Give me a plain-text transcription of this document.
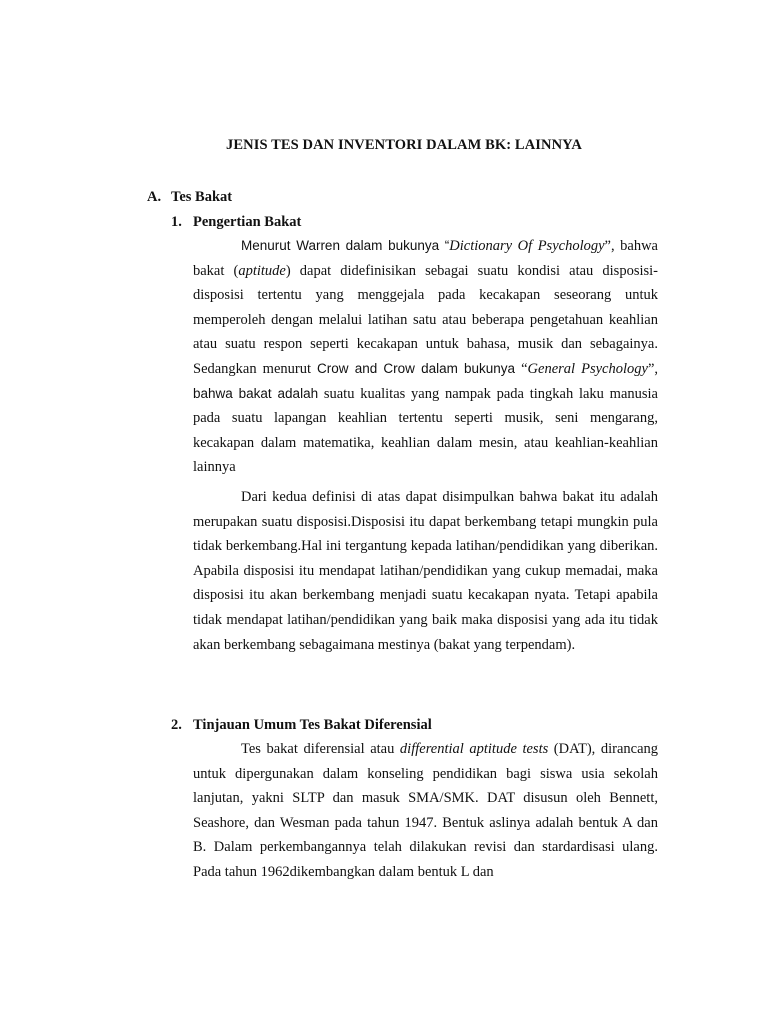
JENIS TES DAN INVENTORI DALAM BK: LAINNYA
A. Tes Bakat
1. Pengertian Bakat

Menurut Warren dalam bukunya “Dictionary Of Psychology”, bahwa bakat (aptitude) dapat didefinisikan sebagai suatu kondisi atau disposisi-disposisi tertentu yang menggejala pada kecakapan seseorang untuk memperoleh dengan melalui latihan satu atau beberapa pengetahuan keahlian atau suatu respon seperti kecakapan untuk bahasa, musik dan sebagainya. Sedangkan menurut Crow and Crow dalam bukunya “General Psychology”, bahwa bakat adalah suatu kualitas yang nampak pada tingkah laku manusia pada suatu lapangan keahlian tertentu seperti musik, seni mengarang, kecakapan dalam matematika, keahlian dalam mesin, atau keahlian-keahlian lainnya

Dari kedua definisi di atas dapat disimpulkan bahwa bakat itu adalah merupakan suatu disposisi.Disposisi itu dapat berkembang tetapi mungkin pula tidak berkembang.Hal ini tergantung kepada latihan/pendidikan yang diberikan. Apabila disposisi itu mendapat latihan/pendidikan yang cukup memadai, maka disposisi itu akan berkembang menjadi suatu kecakapan nyata. Tetapi apabila tidak mendapat latihan/pendidikan yang baik maka disposisi yang ada itu tidak akan berkembang sebagaimana mestinya (bakat yang terpendam).

2. Tinjauan Umum Tes Bakat Diferensial

Tes bakat diferensial atau differential aptitude tests (DAT), dirancang untuk dipergunakan dalam konseling pendidikan bagi siswa usia sekolah lanjutan, yakni SLTP dan masuk SMA/SMK. DAT disusun oleh Bennett, Seashore, dan Wesman pada tahun 1947. Bentuk aslinya adalah bentuk A dan B. Dalam perkembangannya telah dilakukan revisi dan stardardisasi ulang. Pada tahun 1962dikembangkan dalam bentuk L dan
